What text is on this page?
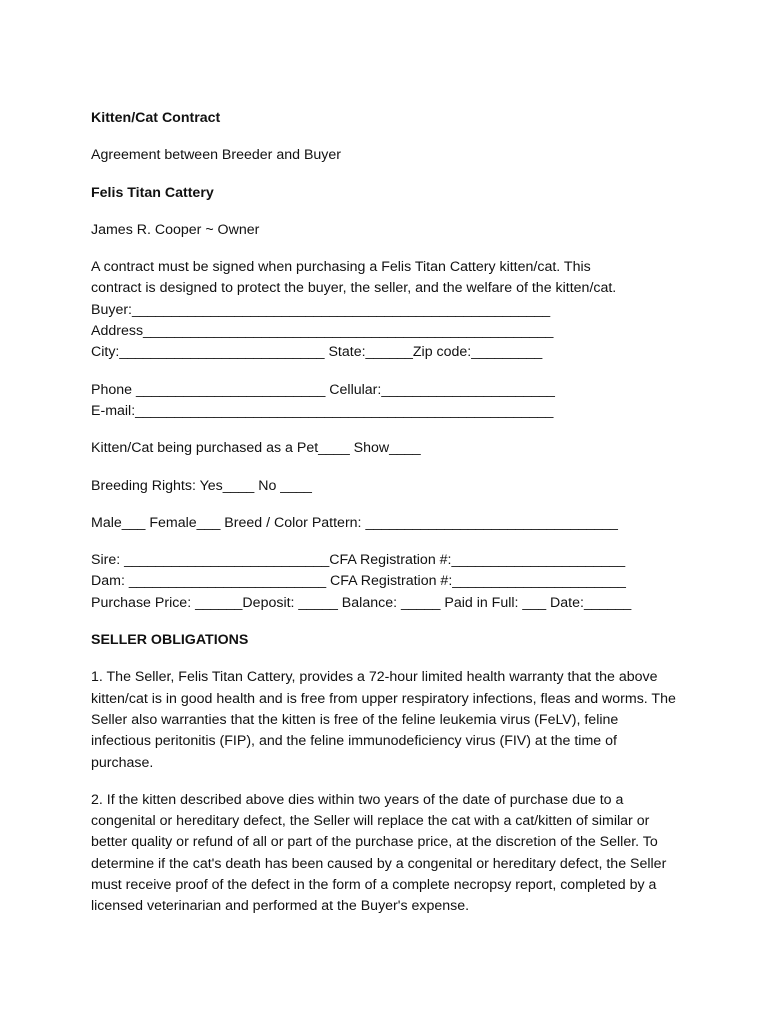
Kitten/Cat Contract
Agreement between Breeder and Buyer
Felis Titan Cattery
James R. Cooper ~ Owner
A contract must be signed when purchasing a Felis Titan Cattery kitten/cat. This
contract is designed to protect the buyer, the seller, and the welfare of the kitten/cat.
Buyer:_____________________________________________________
Address____________________________________________________
City:__________________________ State:______Zip code:_________
Phone ________________________ Cellular:______________________
E-mail:_____________________________________________________
Kitten/Cat being purchased as a Pet____ Show____
Breeding Rights: Yes____ No ____
Male___ Female___ Breed / Color Pattern: ________________________________
Sire: __________________________CFA Registration #:______________________
Dam: _________________________ CFA Registration #:______________________
Purchase Price: ______Deposit: _____ Balance: _____ Paid in Full: ___ Date:______
SELLER OBLIGATIONS
1. The Seller, Felis Titan Cattery, provides a 72-hour limited health warranty that the above kitten/cat is in good health and is free from upper respiratory infections, fleas and worms. The Seller also warranties that the kitten is free of the feline leukemia virus (FeLV), feline infectious peritonitis (FIP), and the feline immunodeficiency virus (FIV) at the time of purchase.
2. If the kitten described above dies within two years of the date of purchase due to a congenital or hereditary defect, the Seller will replace the cat with a cat/kitten of similar or better quality or refund of all or part of the purchase price, at the discretion of the Seller. To determine if the cat's death has been caused by a congenital or hereditary defect, the Seller must receive proof of the defect in the form of a complete necropsy report, completed by a licensed veterinarian and performed at the Buyer's expense.
